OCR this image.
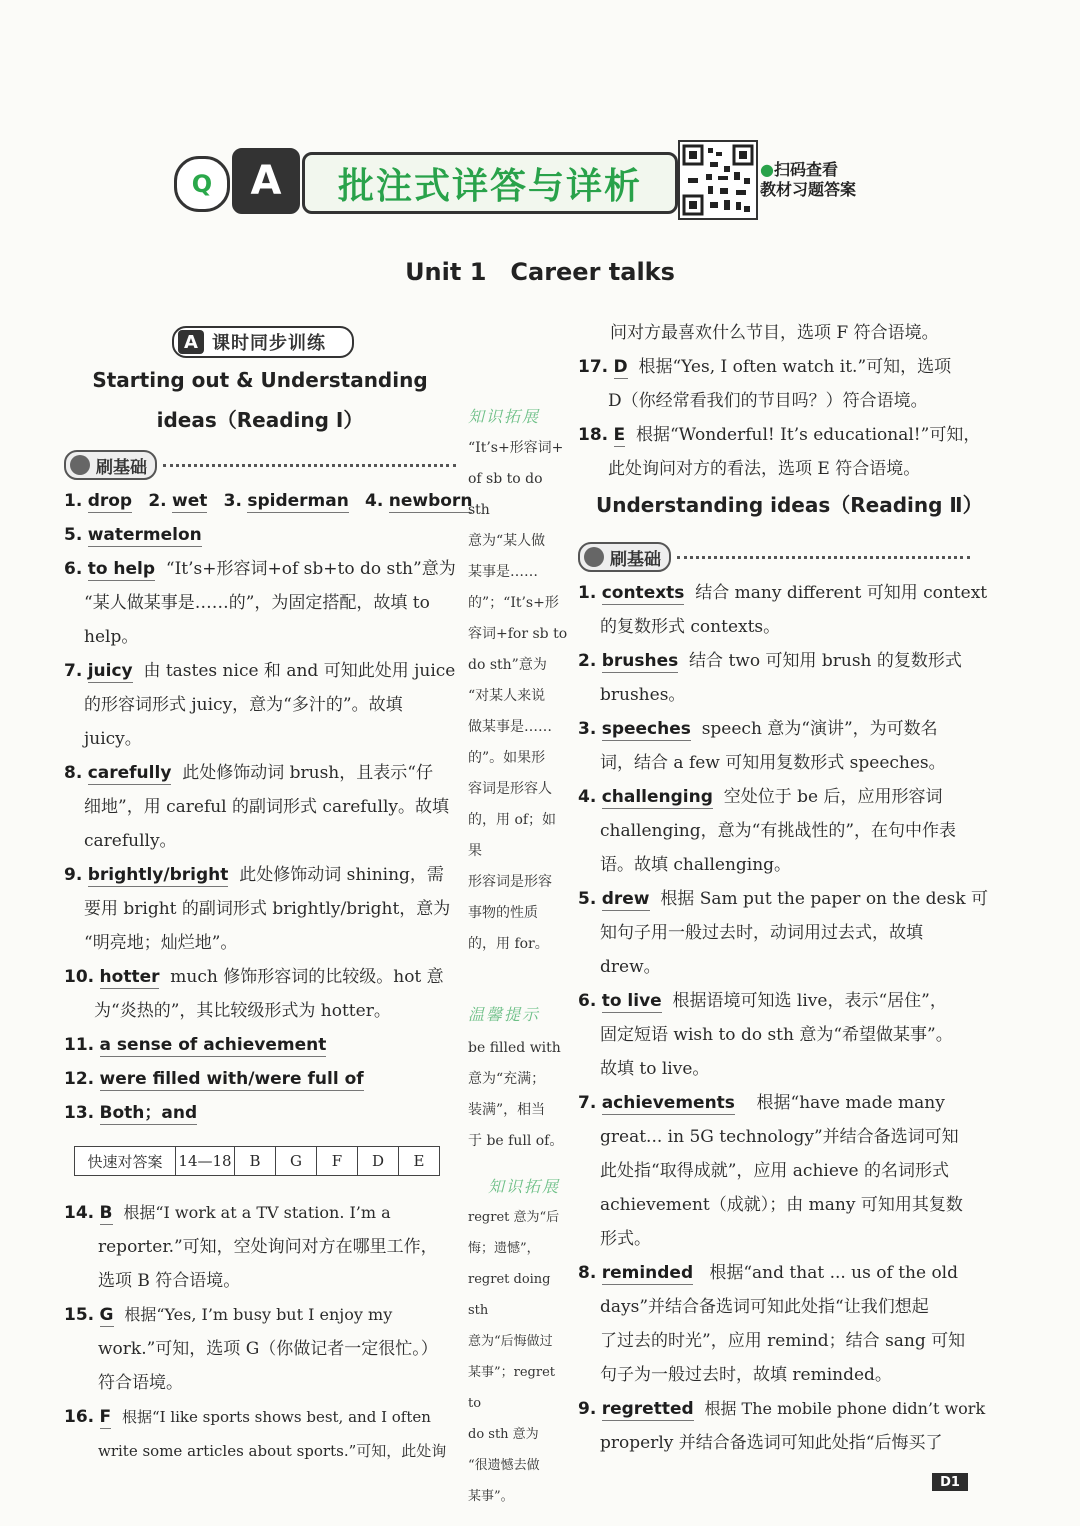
Q A	批注式详答与详析	●扫码查看
教材习题答案
Unit 1　Career talks
A 课时同步训练
Starting out & Understanding
ideas（Reading Ⅰ）
刷基础
1. drop 2. wet 3. spiderman 4. newborn
5. watermelon
6. to help “It’s+形容词+of sb+to do sth”意为
“某人做某事是……的”，为固定搭配，故填 to
help。
7. juicy 由 tastes nice 和 and 可知此处用 juice
的形容词形式 juicy，意为“多汁的”。故填
juicy。
8. carefully 此处修饰动词 brush，且表示“仔
细地”，用 careful 的副词形式 carefully。故填
carefully。
9. brightly/bright 此处修饰动词 shining，需
要用 bright 的副词形式 brightly/bright，意为
“明亮地；灿烂地”。
10. hotter much 修饰形容词的比较级。hot 意
为“炎热的”，其比较级形式为 hotter。
11. a sense of achievement
12. were filled with/were full of
13. Both；and
快速对答案	14—18	B	G	F	D	E
14. B 根据“I work at a TV station. I’m a
reporter.”可知，空处询问对方在哪里工作，
选项 B 符合语境。
15. G 根据“Yes, I’m busy but I enjoy my
work.”可知，选项 G（你做记者一定很忙。）
符合语境。
16. F 根据“I like sports shows best, and I often
write some articles about sports.”可知，此处询
知识拓展
“It’s+形容词+
of sb to do sth
意为“某人做
某事是……
的”；“It’s+形
容词+for sb to
do sth”意为
“对某人来说
做某事是……
的”。如果形
容词是形容人
的，用 of；如果
形容词是形容
事物的性质
的，用 for。
温馨提示
be filled with
意为“充满；
装满”，相当
于 be full of。
知识拓展
regret 意为“后
悔；遗憾”，
regret doing sth
意为“后悔做过
某事”；regret to
do sth 意为
“很遗憾去做
某事”。
问对方最喜欢什么节目，选项 F 符合语境。
17. D 根据“Yes, I often watch it.”可知，选项
D（你经常看我们的节目吗？）符合语境。
18. E 根据“Wonderful! It’s educational!”可知，
此处询问对方的看法，选项 E 符合语境。
Understanding ideas（Reading Ⅱ）
刷基础
1. contexts 结合 many different 可知用 context
的复数形式 contexts。
2. brushes 结合 two 可知用 brush 的复数形式
brushes。
3. speeches speech 意为“演讲”，为可数名
词，结合 a few 可知用复数形式 speeches。
4. challenging 空处位于 be 后，应用形容词
challenging，意为“有挑战性的”，在句中作表
语。故填 challenging。
5. drew 根据 Sam put the paper on the desk 可
知句子用一般过去时，动词用过去式，故填
drew。
6. to live 根据语境可知选 live，表示“居住”，
固定短语 wish to do sth 意为“希望做某事”。
故填 to live。
7. achievements 根据“have made many
great... in 5G technology”并结合备选词可知
此处指“取得成就”，应用 achieve 的名词形式
achievement（成就）；由 many 可知用其复数
形式。
8. reminded 根据“and that ... us of the old
days”并结合备选词可知此处指“让我们想起
了过去的时光”，应用 remind；结合 sang 可知
句子为一般过去时，故填 reminded。
9. regretted 根据 The mobile phone didn’t work
properly 并结合备选词可知此处指“后悔买了
D1
